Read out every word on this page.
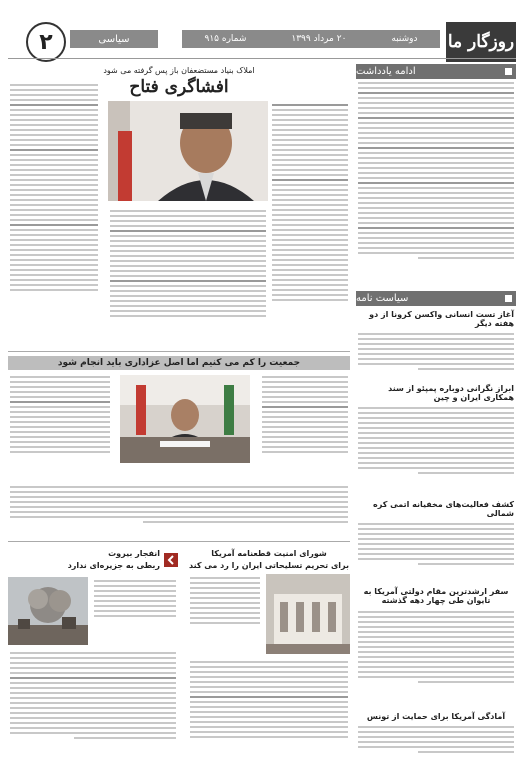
روزگار ما
دوشنبه
۲۰ مرداد ۱۳۹۹
شماره ۹۱۵
سیاسی
۲
ادامه یادداشت
سیاست نامه
آغاز تست انسانی واکسن کرونا از دو هفته دیگر
ابراز نگرانی دوباره پمپئو از سند همکاری ایران و چین
کشف فعالیت‌های مخفیانه اتمی کره شمالی
سفر ارشدترین مقام دولتی آمریکا به تایوان طی چهار دهه گذشته
آمادگی آمریکا برای حمایت از تونس
املاک بنیاد مستضعفان باز پس گرفته می شود
افشاگری فتاح
جمعیت را کم می کنیم اما اصل عزاداری باید انجام شود
شورای امنیت قطعنامه آمریکا
برای تحریم تسلیحاتی ایران را رد می کند
انفجار بیروت
ربطی به جزیره‌ای ندارد
